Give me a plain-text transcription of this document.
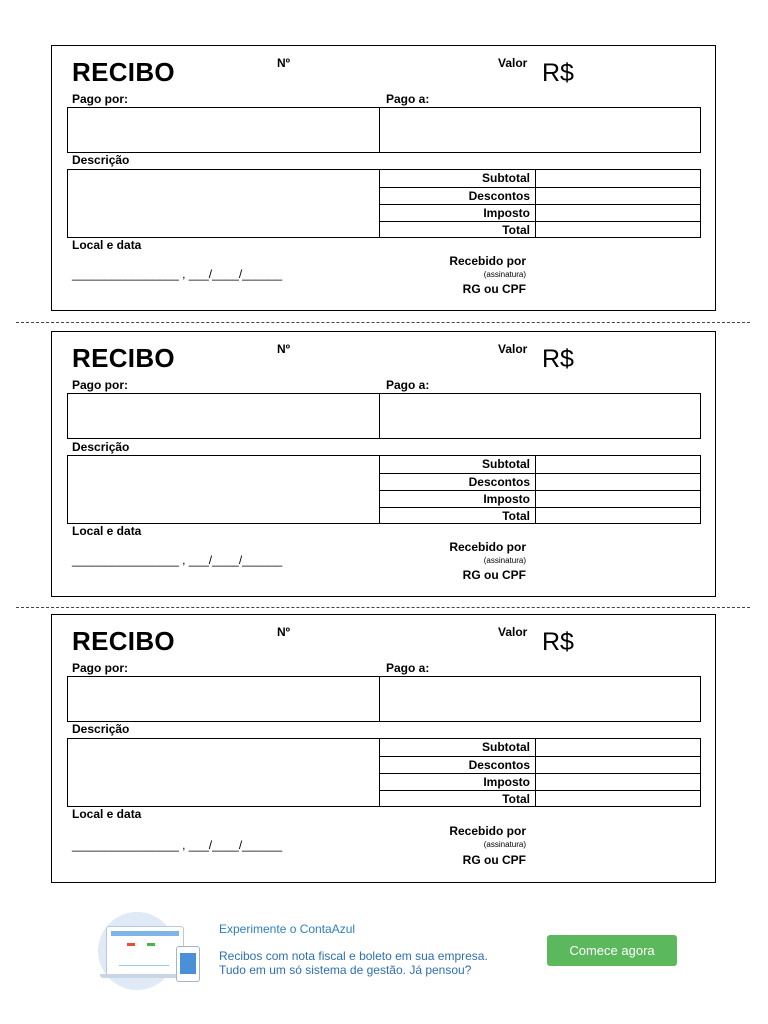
RECIBO	Nº	Valor R$
Pago por:	Pago a:
Descrição
Subtotal
Descontos
Imposto
Total
Local e data
________________ , ___/____/______
Recebido por
(assinatura)
RG ou CPF
RECIBO	Nº	Valor R$
Pago por:	Pago a:
Descrição
Subtotal
Descontos
Imposto
Total
Local e data
________________ , ___/____/______
Recebido por
(assinatura)
RG ou CPF
RECIBO	Nº	Valor R$
Pago por:	Pago a:
Descrição
Subtotal
Descontos
Imposto
Total
Local e data
________________ , ___/____/______
Recebido por
(assinatura)
RG ou CPF
Experimente o ContaAzul
Recibos com nota fiscal e boleto em sua empresa.
Tudo em um só sistema de gestão. Já pensou?
Comece agora
